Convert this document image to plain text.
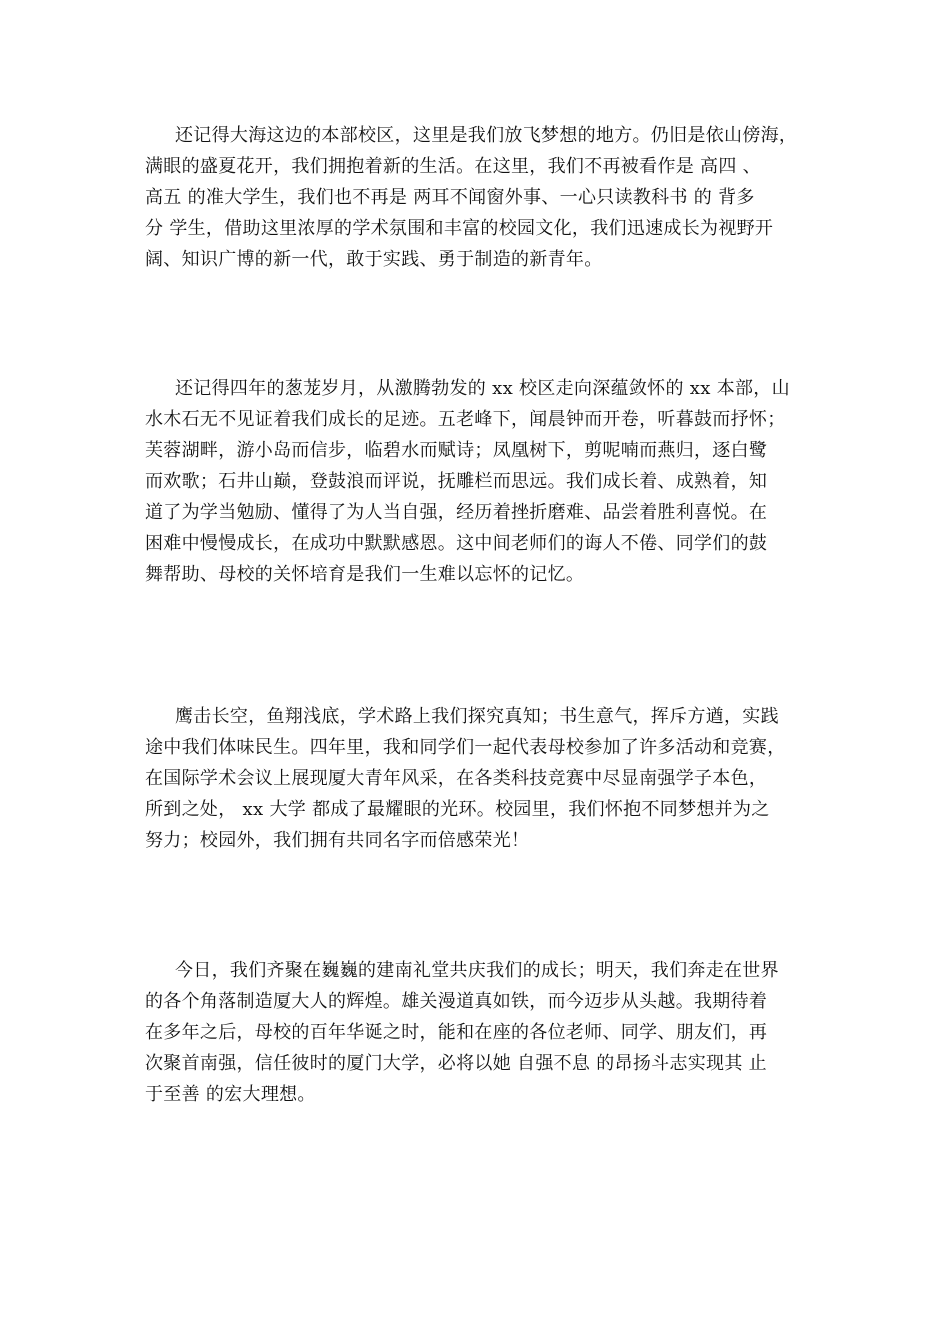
还记得大海这边的本部校区，这里是我们放飞梦想的地方。仍旧是依山傍海，
满眼的盛夏花开，我们拥抱着新的生活。在这里，我们不再被看作是 高四 、
高五 的准大学生，我们也不再是 两耳不闻窗外事、一心只读教科书 的 背多
分 学生，借助这里浓厚的学术氛围和丰富的校园文化，我们迅速成长为视野开
阔、知识广博的新一代，敢于实践、勇于制造的新青年。
还记得四年的葱茏岁月，从激腾勃发的 xx 校区走向深蕴敛怀的 xx 本部，山
水木石无不见证着我们成长的足迹。五老峰下，闻晨钟而开卷，听暮鼓而抒怀；
芙蓉湖畔，游小岛而信步，临碧水而赋诗；凤凰树下，剪呢喃而燕归，逐白鹭
而欢歌；石井山巅，登鼓浪而评说，抚雕栏而思远。我们成长着、成熟着，知
道了为学当勉励、懂得了为人当自强，经历着挫折磨难、品尝着胜利喜悦。在
困难中慢慢成长，在成功中默默感恩。这中间老师们的诲人不倦、同学们的鼓
舞帮助、母校的关怀培育是我们一生难以忘怀的记忆。
鹰击长空，鱼翔浅底，学术路上我们探究真知；书生意气，挥斥方遒，实践
途中我们体味民生。四年里，我和同学们一起代表母校参加了许多活动和竞赛，
在国际学术会议上展现厦大青年风采，在各类科技竞赛中尽显南强学子本色，
所到之处， xx 大学 都成了最耀眼的光环。校园里，我们怀抱不同梦想并为之
努力；校园外，我们拥有共同名字而倍感荣光！
今日，我们齐聚在巍巍的建南礼堂共庆我们的成长；明天，我们奔走在世界
的各个角落制造厦大人的辉煌。雄关漫道真如铁，而今迈步从头越。我期待着
在多年之后，母校的百年华诞之时，能和在座的各位老师、同学、朋友们，再
次聚首南强，信任彼时的厦门大学，必将以她 自强不息 的昂扬斗志实现其 止
于至善 的宏大理想。
